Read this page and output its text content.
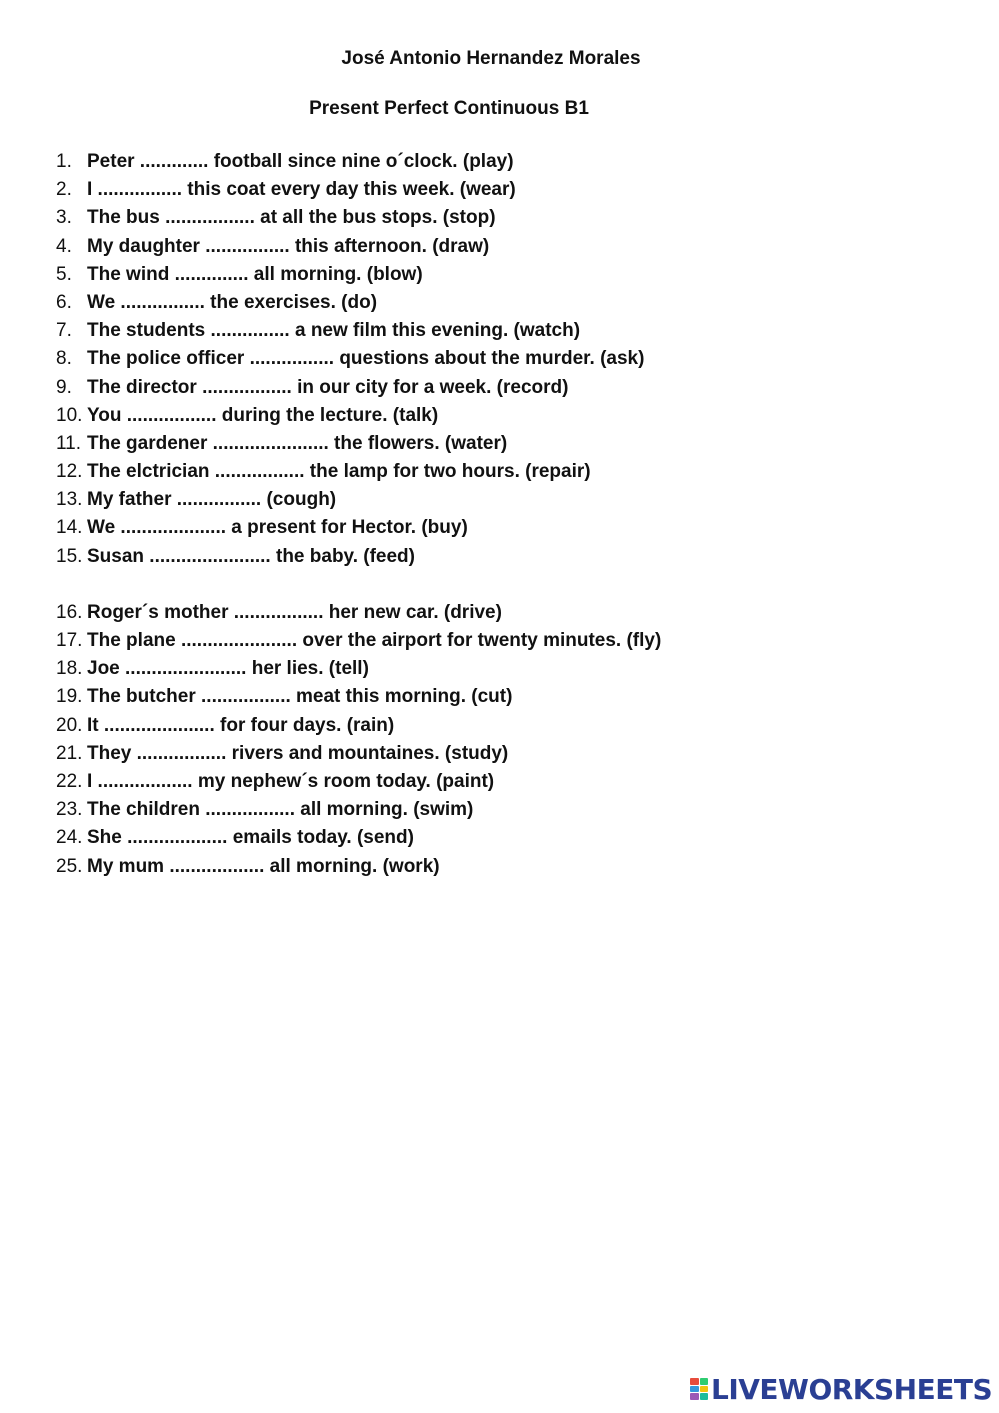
José Antonio Hernandez Morales
Present Perfect Continuous B1
1. Peter ............. football since nine o´clock. (play)
2. I ................ this coat every day this week. (wear)
3. The bus ................. at all the bus stops. (stop)
4. My daughter ................ this afternoon. (draw)
5. The wind .............. all morning. (blow)
6. We ................ the exercises. (do)
7. The students ............... a new film this evening. (watch)
8. The police officer ................ questions about the murder. (ask)
9. The director ................. in our city for a week. (record)
10. You ................. during the lecture. (talk)
11. The gardener ...................... the flowers. (water)
12. The elctrician ................. the lamp for two hours. (repair)
13. My father ................ (cough)
14. We .................... a present for Hector. (buy)
15. Susan ....................... the baby. (feed)
16. Roger´s mother ................. her new car. (drive)
17. The plane ...................... over the airport for twenty minutes. (fly)
18. Joe ....................... her lies. (tell)
19. The butcher ................. meat this morning. (cut)
20. It ..................... for four days. (rain)
21. They ................. rivers and mountaines. (study)
22. I .................. my nephew´s room today. (paint)
23. The children ................. all morning. (swim)
24. She ................... emails today. (send)
25. My mum .................. all morning. (work)
LIVEWORKSHEETS
